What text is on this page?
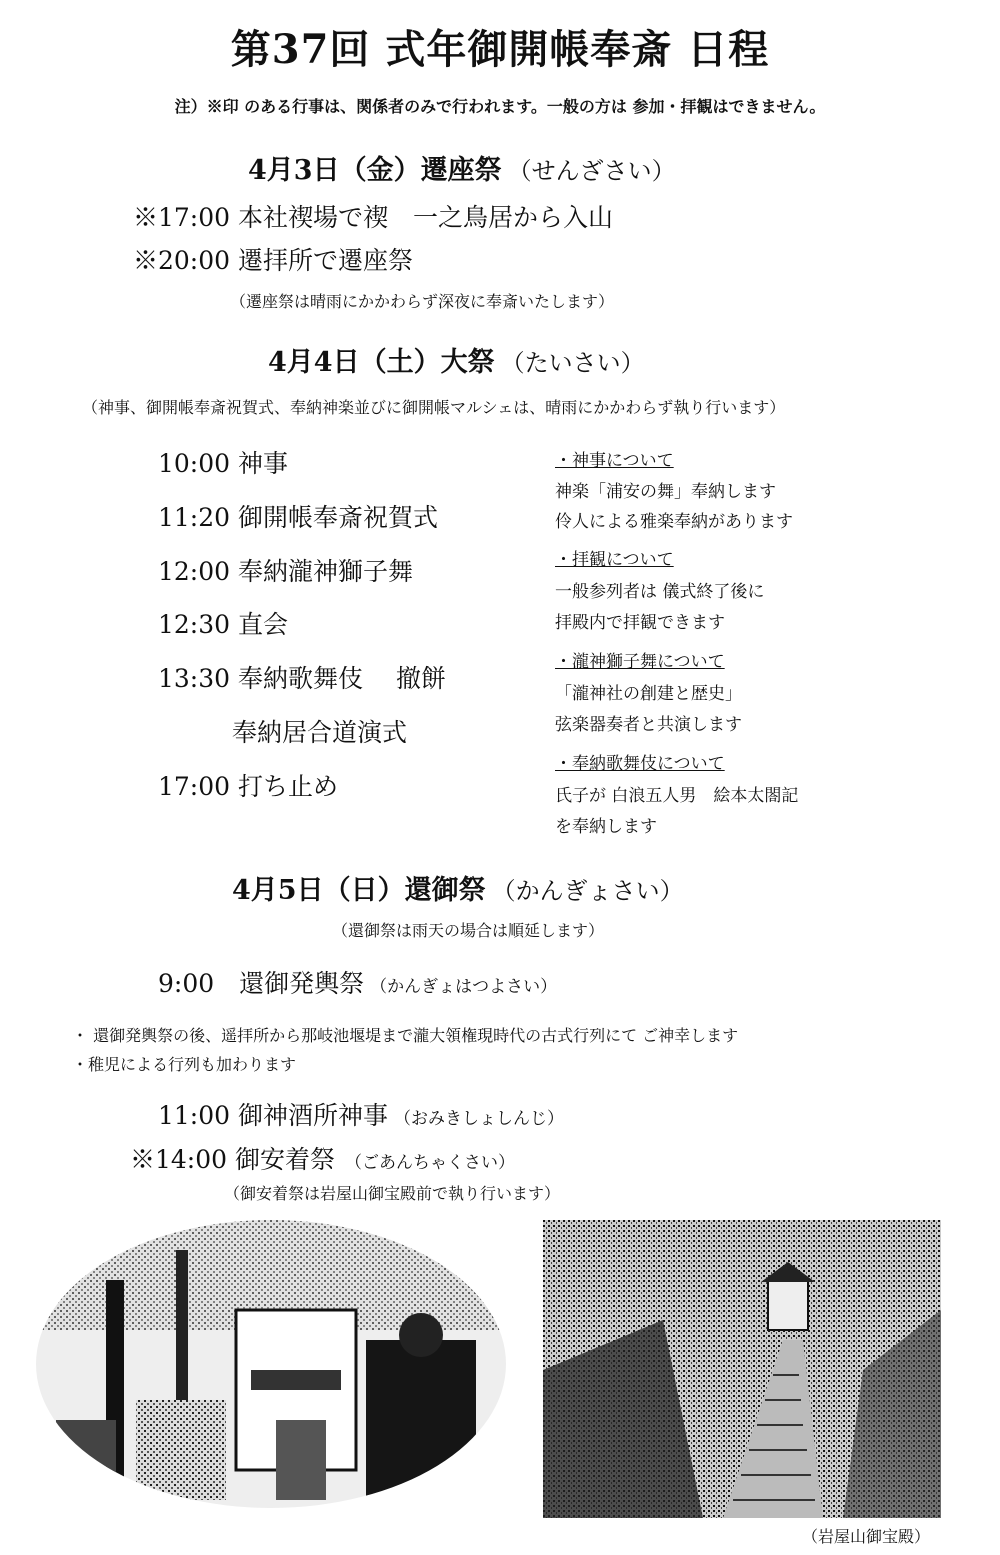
第37回 式年御開帳奉斎 日程
注）※印 のある行事は、関係者のみで行われます。一般の方は 参加・拝観はできません。
4月3日（金）遷座祭 （せんざさい）
※17:00 本社禊場で禊　一之鳥居から入山
※20:00 遷拝所で遷座祭
（遷座祭は晴雨にかかわらず深夜に奉斎いたします）
4月4日（土）大祭 （たいさい）
（神事、御開帳奉斎祝賀式、奉納神楽並びに御開帳マルシェは、晴雨にかかわらず執り行います）
10:00 神事
11:20 御開帳奉斎祝賀式
12:00 奉納瀧神獅子舞
12:30 直会
13:30 奉納歌舞伎　 撤餅
奉納居合道演式
17:00 打ち止め
・神事について
神楽「浦安の舞」奉納します
伶人による雅楽奉納があります
・拝観について
一般参列者は 儀式終了後に
拝殿内で拝観できます
・瀧神獅子舞について
「瀧神社の創建と歴史」
弦楽器奏者と共演します
・奉納歌舞伎について
氏子が 白浪五人男　絵本太閤記
を奉納します
4月5日（日）還御祭 （かんぎょさい）
（還御祭は雨天の場合は順延します）
9:00　還御発輿祭 （かんぎょはつよさい）
・ 還御発輿祭の後、遥拝所から那岐池堰堤まで瀧大領権現時代の古式行列にて ご神幸します
・稚児による行列も加わります
11:00 御神酒所神事 （おみきしょしんじ）
※14:00 御安着祭 （ごあんちゃくさい）
（御安着祭は岩屋山御宝殿前で執り行います）
（岩屋山御宝殿）
